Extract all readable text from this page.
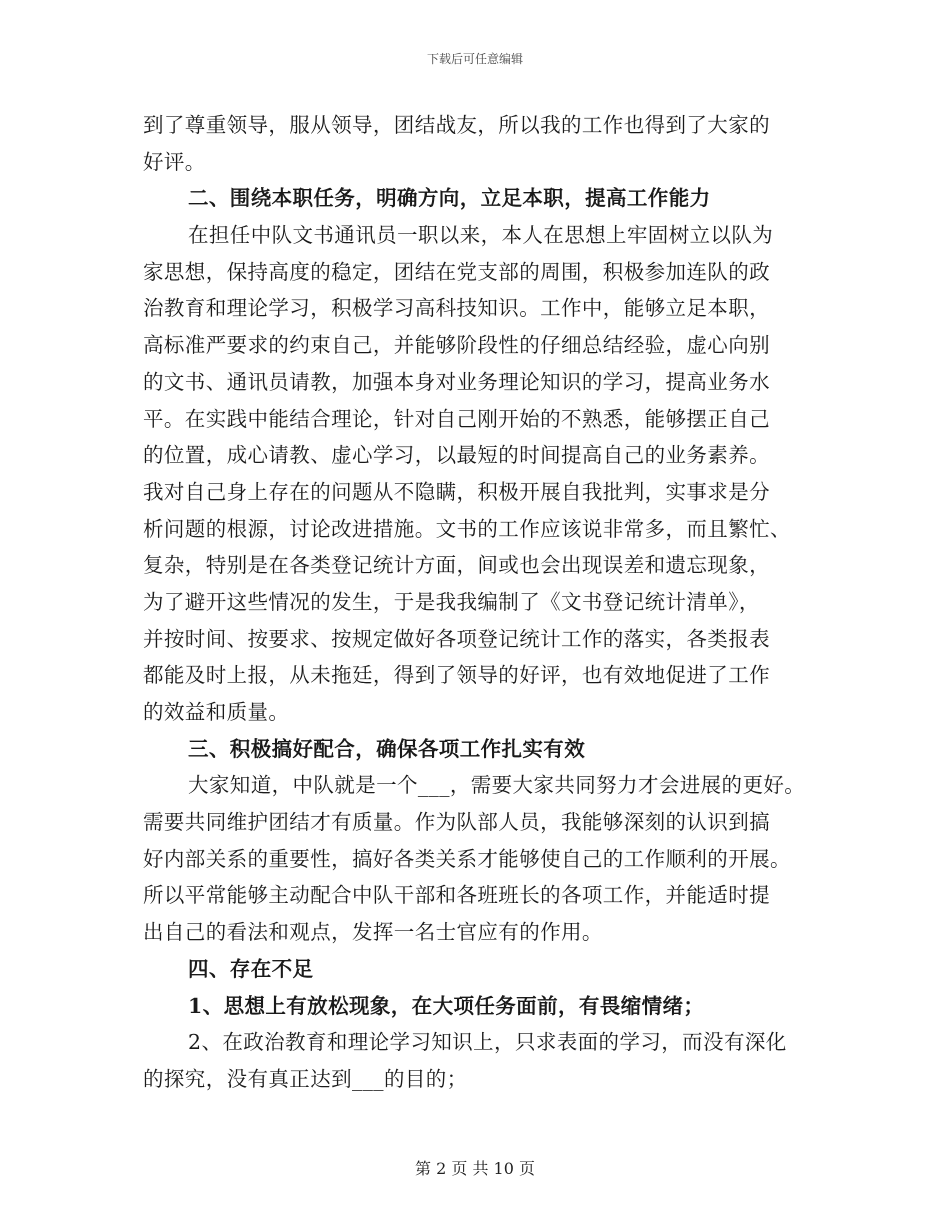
下载后可任意编辑
到了尊重领导，服从领导，团结战友，所以我的工作也得到了大家的
好评。
二、围绕本职任务，明确方向，立足本职，提高工作能力
在担任中队文书通讯员一职以来，本人在思想上牢固树立以队为
家思想，保持高度的稳定，团结在党支部的周围，积极参加连队的政
治教育和理论学习，积极学习高科技知识。工作中，能够立足本职，
高标准严要求的约束自己，并能够阶段性的仔细总结经验，虚心向别
的文书、通讯员请教，加强本身对业务理论知识的学习，提高业务水
平。在实践中能结合理论，针对自己刚开始的不熟悉，能够摆正自己
的位置，成心请教、虚心学习，以最短的时间提高自己的业务素养。
我对自己身上存在的问题从不隐瞒，积极开展自我批判，实事求是分
析问题的根源，讨论改进措施。文书的工作应该说非常多，而且繁忙、
复杂，特别是在各类登记统计方面，间或也会出现误差和遗忘现象，
为了避开这些情况的发生，于是我我编制了《文书登记统计清单》，
并按时间、按要求、按规定做好各项登记统计工作的落实，各类报表
都能及时上报，从未拖廷，得到了领导的好评，也有效地促进了工作
的效益和质量。
三、积极搞好配合，确保各项工作扎实有效
大家知道，中队就是一个___，需要大家共同努力才会进展的更好。
需要共同维护团结才有质量。作为队部人员，我能够深刻的认识到搞
好内部关系的重要性，搞好各类关系才能够使自己的工作顺利的开展。
所以平常能够主动配合中队干部和各班班长的各项工作，并能适时提
出自己的看法和观点，发挥一名士官应有的作用。
四、存在不足
1、思想上有放松现象，在大项任务面前，有畏缩情绪；
2、在政治教育和理论学习知识上，只求表面的学习，而没有深化
的探究，没有真正达到___的目的；
第 2 页 共 10 页
